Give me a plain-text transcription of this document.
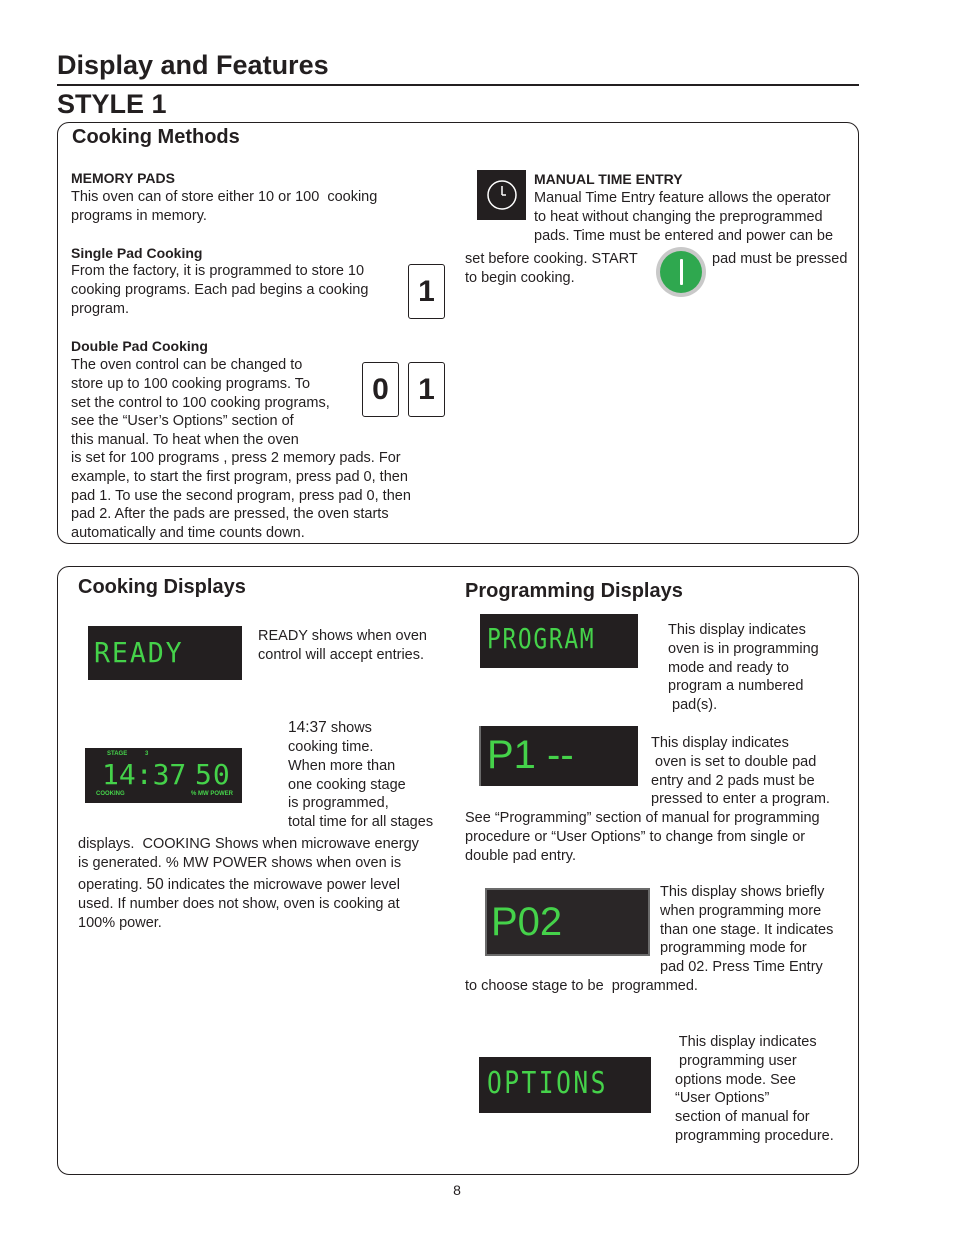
Display and Features
STYLE 1
Cooking Methods
MEMORY PADS
This oven can of store either 10 or 100  cooking
programs in memory.
Single Pad Cooking
From the factory, it is programmed to store 10
cooking programs. Each pad begins a cooking
program.
1
Double Pad Cooking
The oven control can be changed to
store up to 100 cooking programs. To
set the control to 100 cooking programs,
see the “User’s Options” section of
this manual. To heat when the oven
is set for 100 programs , press 2 memory pads. For
example, to start the first program, press pad 0, then
pad 1. To use the second program, press pad 0, then
pad 2. After the pads are pressed, the oven starts
automatically and time counts down.
0 1
MANUAL TIME ENTRY
Manual Time Entry feature allows the operator
to heat without changing the preprogrammed
pads. Time must be entered and power can be
set before cooking. START
to begin cooking.
pad must be pressed
Cooking Displays
READY	READY shows when oven
control will accept entries.
STAGE	3
14:37 50
COOKING	% MW POWER
14:37 shows
cooking time.
When more than
one cooking stage
is programmed,
total time for all stages
displays.  COOKING Shows when microwave energy
is generated. % MW POWER shows when oven is
operating. 50 indicates the microwave power level
used. If number does not show, oven is cooking at
100% power.
Programming Displays
PROGRAM	This display indicates
oven is in programming
mode and ready to
program a numbered
pad(s).
P1 --	This display indicates
oven is set to double pad
entry and 2 pads must be
pressed to enter a program.
See “Programming” section of manual for programming
procedure or “User Options” to change from single or
double pad entry.
P02
This display shows briefly
when programming more
than one stage. It indicates
programming mode for
pad 02. Press Time Entry
to choose stage to be  programmed.
OPTIONS
This display indicates
programming user
options mode. See
“User Options”
section of manual for
programming procedure.
8
